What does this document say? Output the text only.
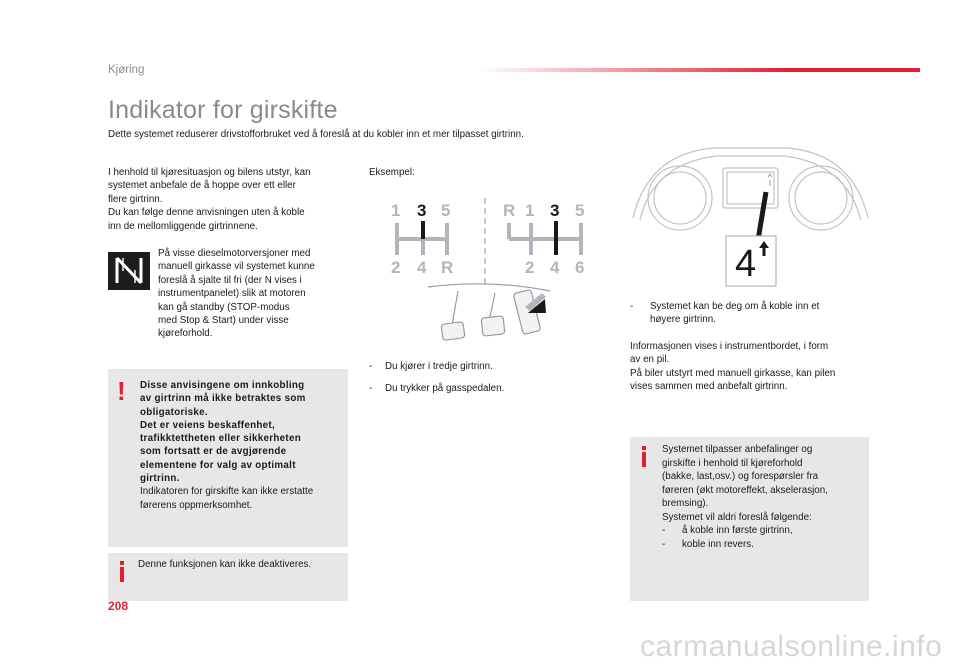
Kjøring
Indikator for girskifte
Dette systemet reduserer drivstofforbruket ved å foreslå at du kobler inn et mer tilpasset girtrinn.
I henhold til kjøresituasjon og bilens utstyr, kan
systemet anbefale de å hoppe over ett eller
flere girtrinn.
Du kan følge denne anvisningen uten å koble
inn de mellomliggende girtrinnene.
På visse dieselmotorversjoner med
manuell girkasse vil systemet kunne
foreslå å sjalte til fri (der N vises i
instrumentpanelet) slik at motoren
kan gå standby (STOP-modus
med Stop & Start) under visse
kjøreforhold.
! Disse anvisingene om innkobling
av girtrinn må ikke betraktes som
obligatoriske.
Det er veiens beskaffenhet,
trafikktettheten eller sikkerheten
som fortsatt er de avgjørende
elementene for valg av optimalt
girtrinn.
Indikatoren for girskifte kan ikke erstatte
førerens oppmerksomhet.
Denne funksjonen kan ikke deaktiveres.
Eksempel:
1 3 5
2 4 R
R 1 3 5
2 4 6
- Du kjører i tredje girtrinn.
- Du trykker på gasspedalen.
4
- Systemet kan be deg om å koble inn et
høyere girtrinn.
Informasjonen vises i instrumentbordet, i form
av en pil.
På biler utstyrt med manuell girkasse, kan pilen
vises sammen med anbefalt girtrinn.
Systemet tilpasser anbefalinger og
girskifte i henhold til kjøreforhold
(bakke, last,osv.) og forespørsler fra
føreren (økt motoreffekt, akselerasjon,
bremsing).
Systemet vil aldri foreslå følgende:
- å koble inn første girtrinn,
- koble inn revers.
208
carmanualsonline.info
